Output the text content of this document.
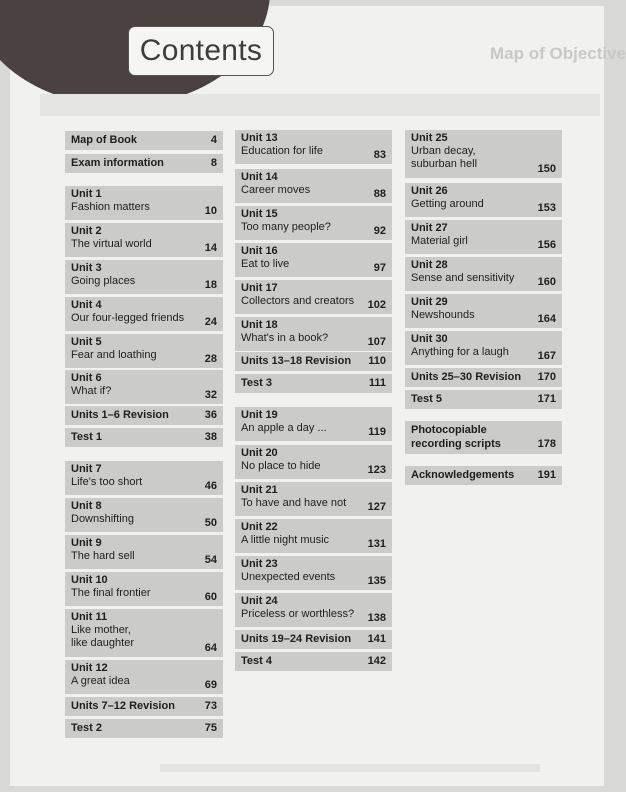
Map of Objective
Contents
Map of Book	4
Exam information	8
Unit 1
Fashion matters	10
Unit 2
The virtual world	14
Unit 3
Going places	18
Unit 4
Our four-legged friends	24
Unit 5
Fear and loathing	28
Unit 6
What if?	32
Units 1–6 Revision	36
Test 1	38
Unit 7
Life's too short	46
Unit 8
Downshifting	50
Unit 9
The hard sell	54
Unit 10
The final frontier	60
Unit 11
Like mother,
like daughter	64
Unit 12
A great idea	69
Units 7–12 Revision	73
Test 2	75
Unit 13
Education for life	83
Unit 14
Career moves	88
Unit 15
Too many people?	92
Unit 16
Eat to live	97
Unit 17
Collectors and creators	102
Unit 18
What's in a book?	107
Units 13–18 Revision	110
Test 3	111
Unit 19
An apple a day ...	119
Unit 20
No place to hide	123
Unit 21
To have and have not	127
Unit 22
A little night music	131
Unit 23
Unexpected events	135
Unit 24
Priceless or worthless?	138
Units 19–24 Revision	141
Test 4	142
Unit 25
Urban decay,
suburban hell	150
Unit 26
Getting around	153
Unit 27
Material girl	156
Unit 28
Sense and sensitivity	160
Unit 29
Newshounds	164
Unit 30
Anything for a laugh	167
Units 25–30 Revision	170
Test 5	171
Photocopiable
recording scripts	178
Acknowledgements	191
